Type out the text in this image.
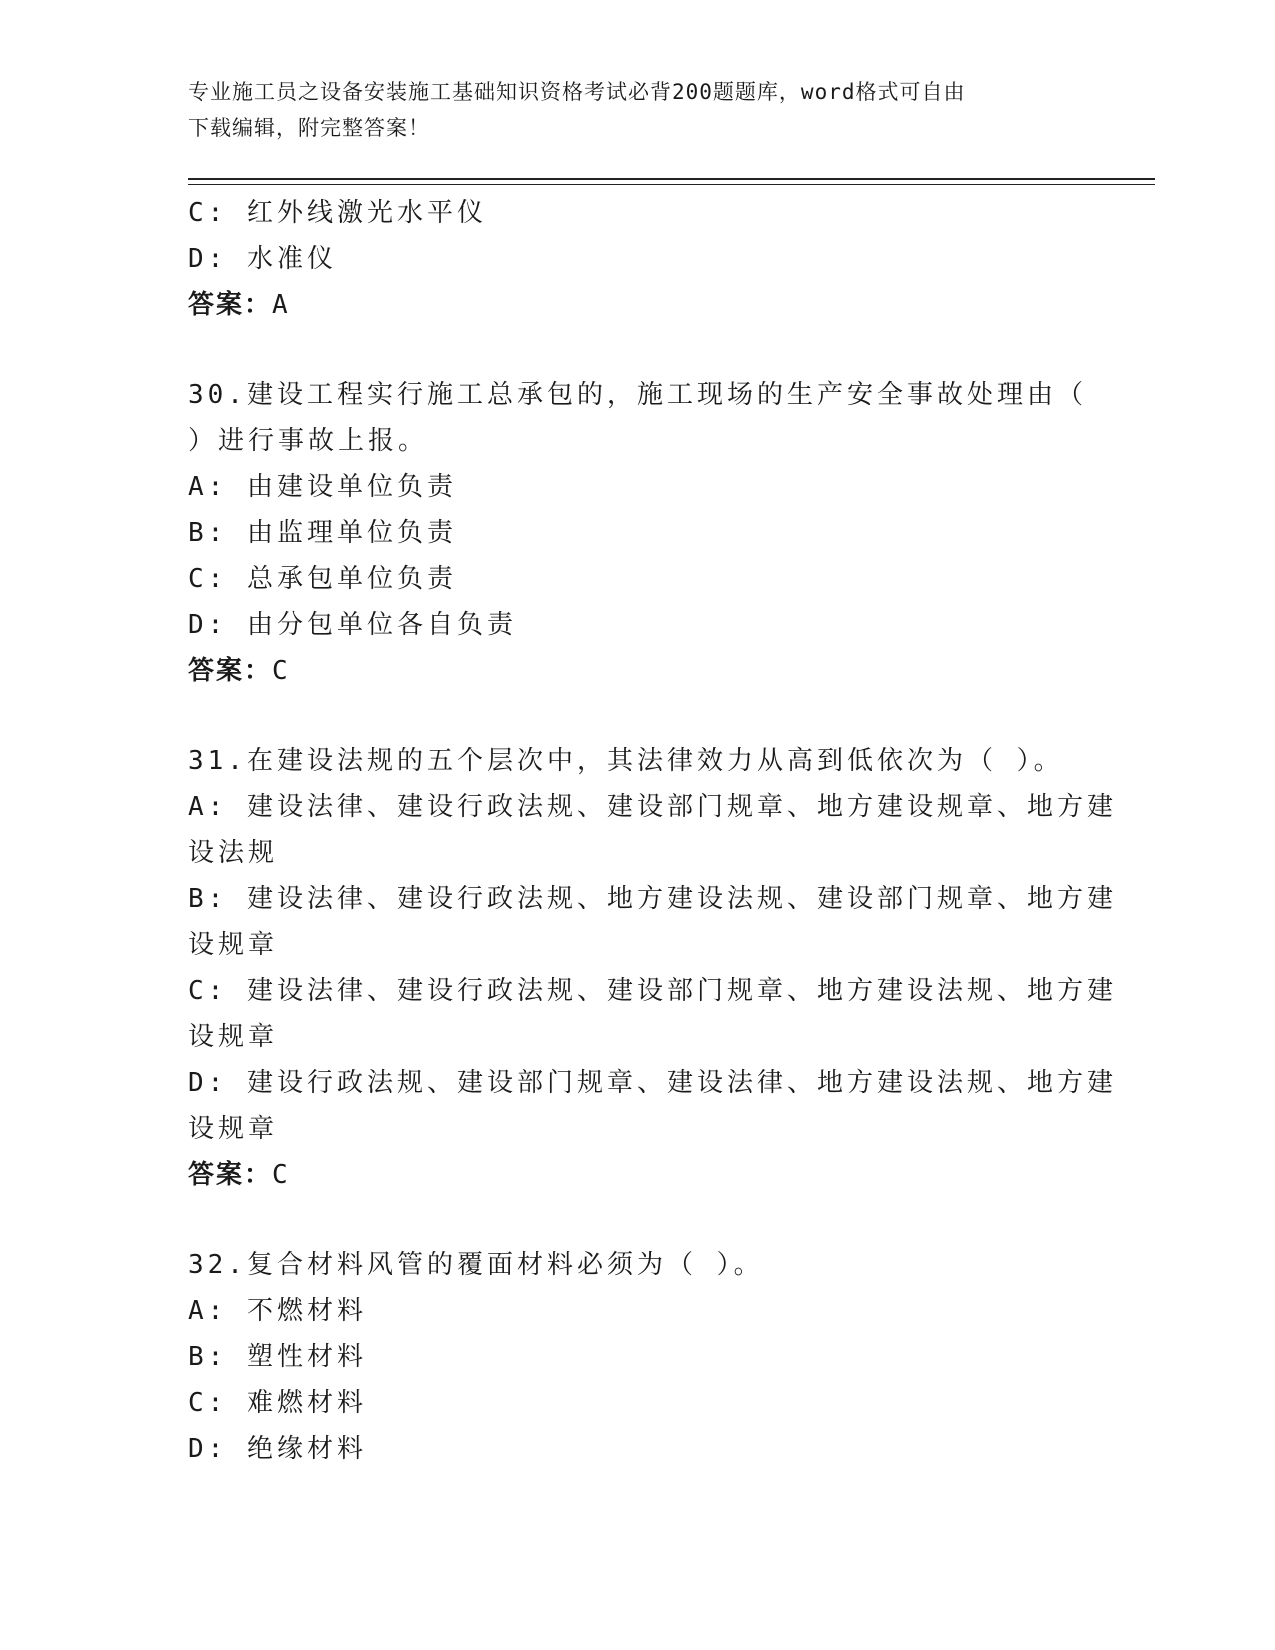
专业施工员之设备安装施工基础知识资格考试必背200题题库，word格式可自由
下载编辑，附完整答案！
C: 红外线激光水平仪
D: 水准仪
答案：A
30.建设工程实行施工总承包的，施工现场的生产安全事故处理由（
）进行事故上报。
A: 由建设单位负责
B: 由监理单位负责
C: 总承包单位负责
D: 由分包单位各自负责
答案：C
31.在建设法规的五个层次中，其法律效力从高到低依次为（ ）。
A: 建设法律、建设行政法规、建设部门规章、地方建设规章、地方建
设法规
B: 建设法律、建设行政法规、地方建设法规、建设部门规章、地方建
设规章
C: 建设法律、建设行政法规、建设部门规章、地方建设法规、地方建
设规章
D: 建设行政法规、建设部门规章、建设法律、地方建设法规、地方建
设规章
答案：C
32.复合材料风管的覆面材料必须为（ ）。
A: 不燃材料
B: 塑性材料
C: 难燃材料
D: 绝缘材料
